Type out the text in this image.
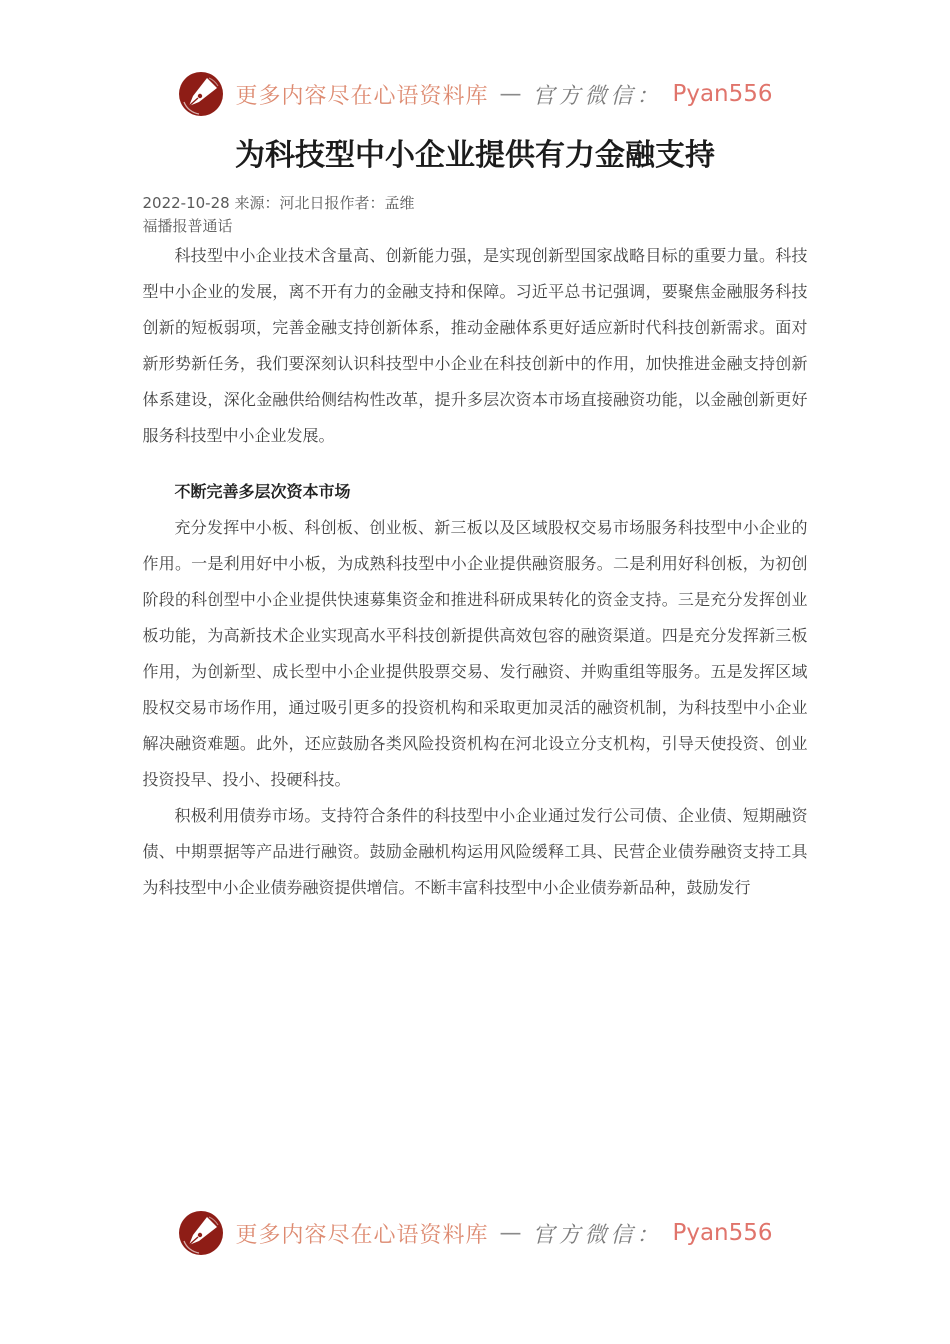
更多内容尽在心语资料库 — 官方微信： Pyan556
为科技型中小企业提供有力金融支持
2022-10-28 来源：河北日报作者：孟维
福播报普通话

科技型中小企业技术含量高、创新能力强，是实现创新型国家战略目标的重要力量。科技型中小企业的发展，离不开有力的金融支持和保障。习近平总书记强调，要聚焦金融服务科技创新的短板弱项，完善金融支持创新体系，推动金融体系更好适应新时代科技创新需求。面对新形势新任务，我们要深刻认识科技型中小企业在科技创新中的作用，加快推进金融支持创新体系建设，深化金融供给侧结构性改革，提升多层次资本市场直接融资功能，以金融创新更好服务科技型中小企业发展。

不断完善多层次资本市场

充分发挥中小板、科创板、创业板、新三板以及区域股权交易市场服务科技型中小企业的作用。一是利用好中小板，为成熟科技型中小企业提供融资服务。二是利用好科创板，为初创阶段的科创型中小企业提供快速募集资金和推进科研成果转化的资金支持。三是充分发挥创业板功能，为高新技术企业实现高水平科技创新提供高效包容的融资渠道。四是充分发挥新三板作用，为创新型、成长型中小企业提供股票交易、发行融资、并购重组等服务。五是发挥区域股权交易市场作用，通过吸引更多的投资机构和采取更加灵活的融资机制，为科技型中小企业解决融资难题。此外，还应鼓励各类风险投资机构在河北设立分支机构，引导天使投资、创业投资投早、投小、投硬科技。

积极利用债券市场。支持符合条件的科技型中小企业通过发行公司债、企业债、短期融资债、中期票据等产品进行融资。鼓励金融机构运用风险缓释工具、民营企业债券融资支持工具为科技型中小企业债券融资提供增信。不断丰富科技型中小企业债券新品种，鼓励发行

更多内容尽在心语资料库 — 官方微信： Pyan556
